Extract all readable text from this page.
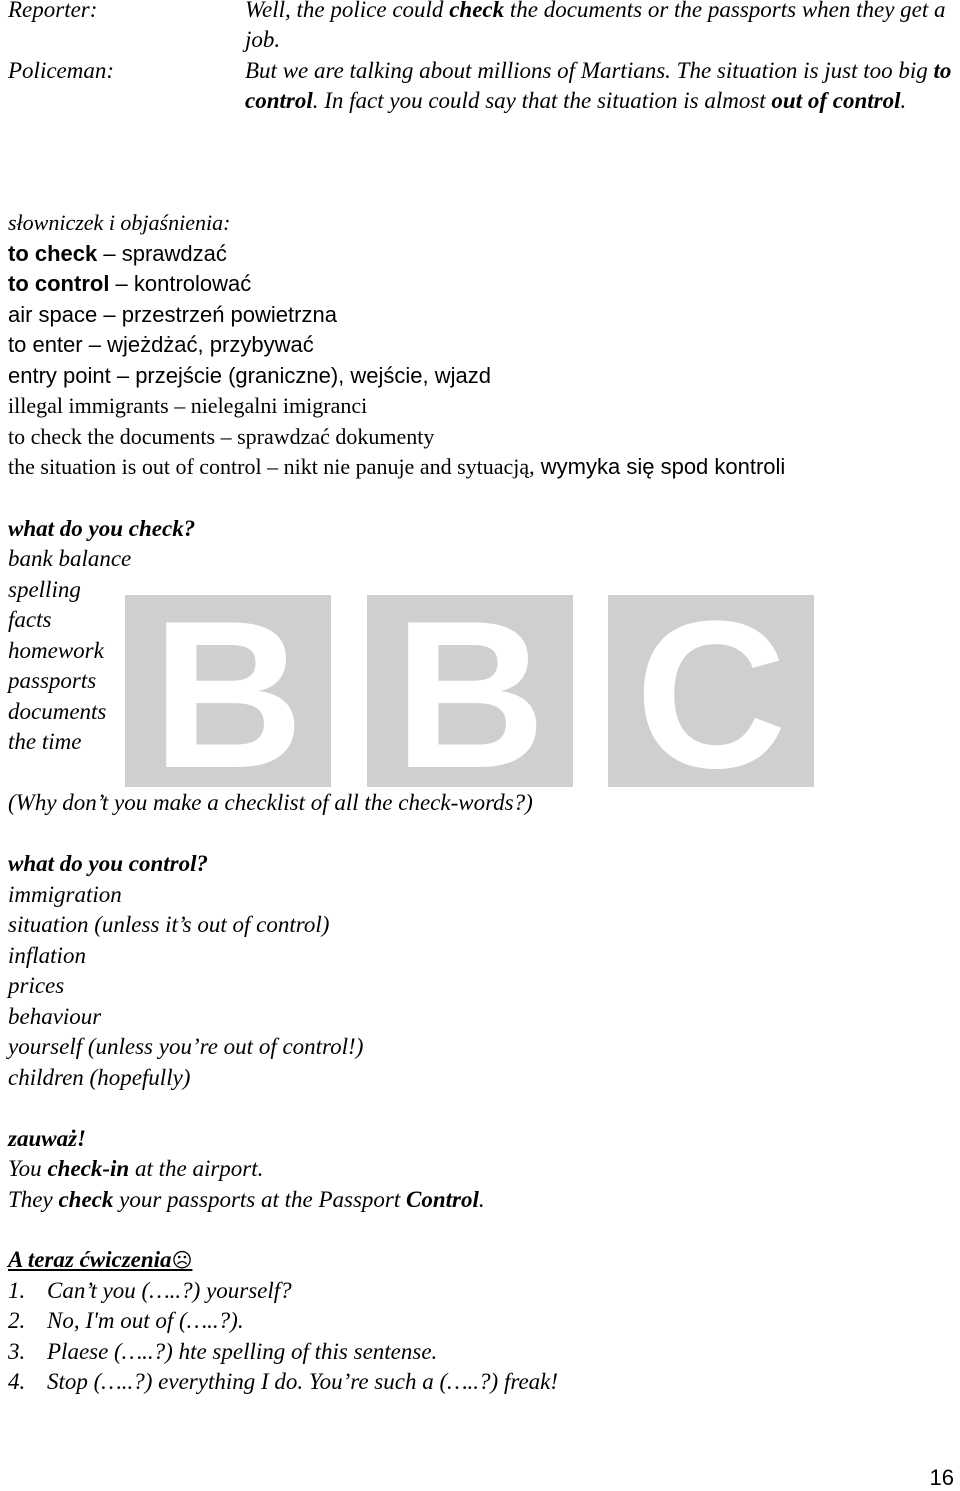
Reporter:	Well, the police could check the documents or the passports when they get a job.
Policeman:	But we are talking about millions of Martians. The situation is just too big to control. In fact you could say that the situation is almost out of control.
słowniczek i objaśnienia:
to check – sprawdzać
to control – kontrolować
air space – przestrzeń powietrzna
to enter – wjeżdżać, przybywać
entry point – przejście (graniczne), wejście, wjazd
illegal immigrants – nielegalni imigranci
to check the documents – sprawdzać dokumenty
the situation is out of control – nikt nie panuje and sytuacją, wymyka się spod kontroli
B B C
what do you check?
bank balance
spelling
facts
homework
passports
documents
the time
(Why don’t you make a checklist of all the check-words?)
what do you control?
immigration
situation (unless it’s out of control)
inflation
prices
behaviour
yourself (unless you’re out of control!)
children (hopefully)
zauważ!
You check-in at the airport.
They check your passports at the Passport Control.
A teraz ćwiczenia☹
1. Can’t you (…..?) yourself?
2. No, I'm out of (…..?).
3. Plaese (…..?) hte spelling of this sentense.
4. Stop (…..?) everything I do. You’re such a (…..?) freak!
16
